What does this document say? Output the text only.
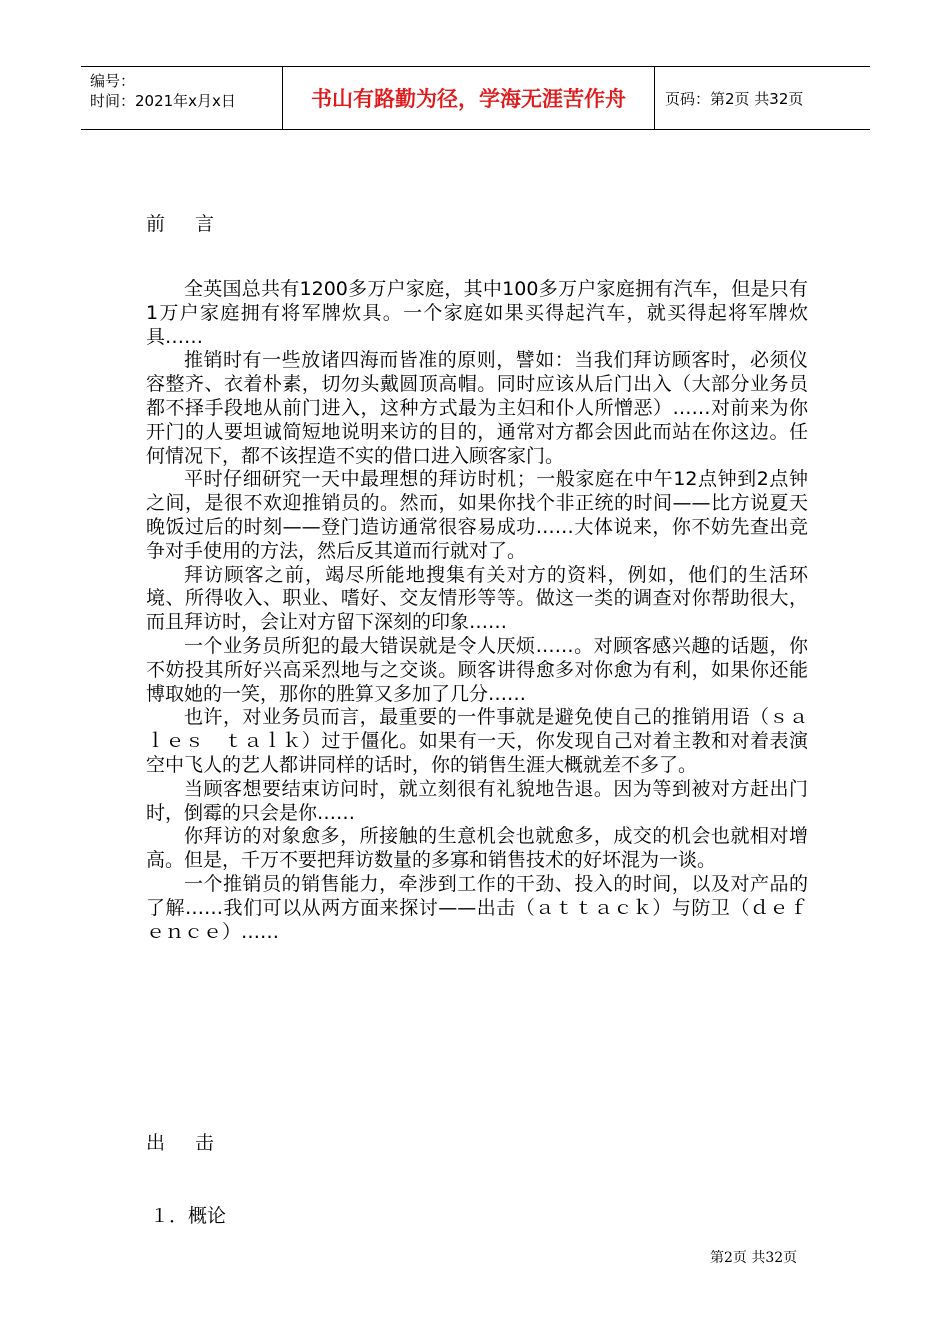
编号：
时间：2021年x月x日	书山有路勤为径，学海无涯苦作舟	页码：第2页 共32页
前 言

全英国总共有1200多万户家庭，其中100多万户家庭拥有汽车，但是只有1万户家庭拥有将军牌炊具。一个家庭如果买得起汽车，就买得起将军牌炊具……

推销时有一些放诸四海而皆准的原则，譬如：当我们拜访顾客时，必须仪容整齐、衣着朴素，切勿头戴圆顶高帽。同时应该从后门出入（大部分业务员都不择手段地从前门进入，这种方式最为主妇和仆人所憎恶）……对前来为你开门的人要坦诚简短地说明来访的目的，通常对方都会因此而站在你这边。任何情况下，都不该捏造不实的借口进入顾客家门。

平时仔细研究一天中最理想的拜访时机；一般家庭在中午12点钟到2点钟之间，是很不欢迎推销员的。然而，如果你找个非正统的时间——比方说夏天晚饭过后的时刻——登门造访通常很容易成功……大体说来，你不妨先查出竞争对手使用的方法，然后反其道而行就对了。

拜访顾客之前，竭尽所能地搜集有关对方的资料，例如，他们的生活环境、所得收入、职业、嗜好、交友情形等等。做这一类的调查对你帮助很大，而且拜访时，会让对方留下深刻的印象……

一个业务员所犯的最大错误就是令人厌烦……。对顾客感兴趣的话题，你不妨投其所好兴高采烈地与之交谈。顾客讲得愈多对你愈为有利，如果你还能博取她的一笑，那你的胜算又多加了几分……

也许，对业务员而言，最重要的一件事就是避免使自己的推销用语（ｓａｌｅｓ　ｔａｌｋ）过于僵化。如果有一天，你发现自己对着主教和对着表演空中飞人的艺人都讲同样的话时，你的销售生涯大概就差不多了。

当顾客想要结束访问时，就立刻很有礼貌地告退。因为等到被对方赶出门时，倒霉的只会是你……

你拜访的对象愈多，所接触的生意机会也就愈多，成交的机会也就相对增高。但是，千万不要把拜访数量的多寡和销售技术的好坏混为一谈。

一个推销员的销售能力，牵涉到工作的干劲、投入的时间，以及对产品的了解……我们可以从两方面来探讨——出击（ａｔｔａｃｋ）与防卫（ｄｅｆｅｎｃｅ）……

出 击
１．概论
第2页 共32页
